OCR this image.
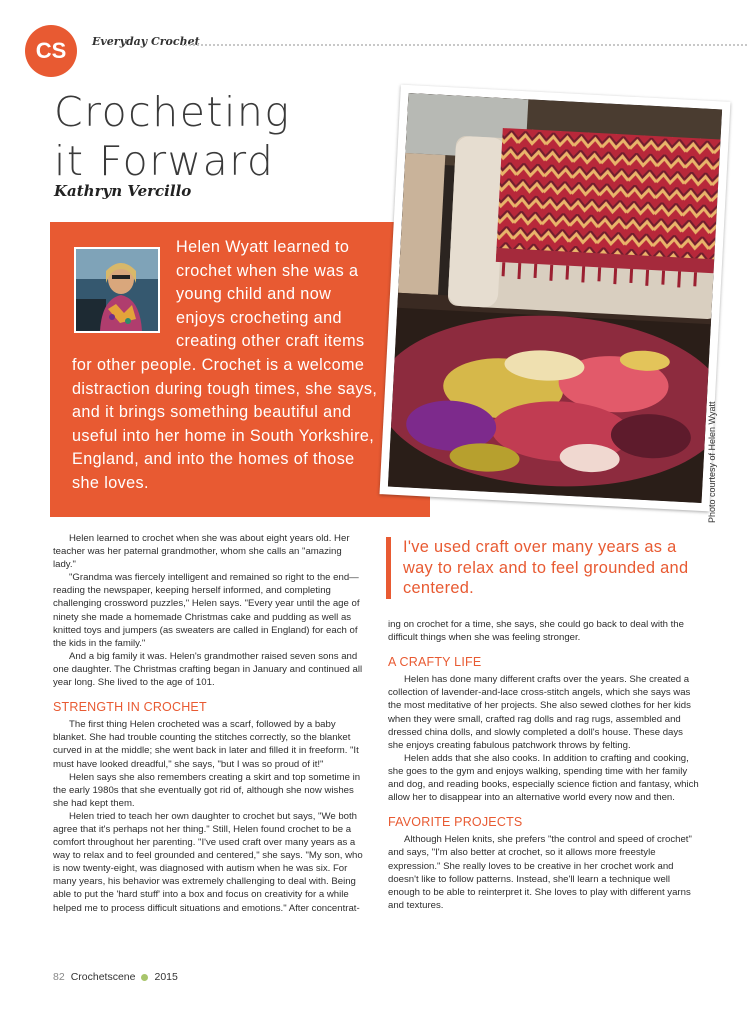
CS	Everyday Crochet
Crocheting
it Forward
Kathryn Vercillo
Helen Wyatt learned to crochet when she was a young child and now enjoys crocheting and creating other craft items for other people. Crochet is a welcome distraction during tough times, she says, and it brings something beautiful and useful into her home in South Yorkshire, England, and into the homes of those she loves.	Photo courtesy of Helen Wyatt

Helen learned to crochet when she was about eight years old. Her teacher was her paternal grandmother, whom she calls an "amazing lady."

"Grandma was fiercely intelligent and remained so right to the end—reading the newspaper, keeping herself informed, and completing challenging crossword puzzles," Helen says. "Every year until the age of ninety she made a homemade Christmas cake and pudding as well as knitted toys and jumpers (as sweaters are called in England) for each of the kids in the family."

And a big family it was. Helen's grandmother raised seven sons and one daughter. The Christmas crafting began in January and continued all year long. She lived to the age of 101.

STRENGTH IN CROCHET

The first thing Helen crocheted was a scarf, followed by a baby blanket. She had trouble counting the stitches correctly, so the blanket curved in at the middle; she went back in later and filled it in freeform. "It must have looked dreadful," she says, "but I was so proud of it!"

Helen says she also remembers creating a skirt and top sometime in the early 1980s that she eventually got rid of, although she now wishes she had kept them.

Helen tried to teach her own daughter to crochet but says, "We both agree that it's perhaps not her thing." Still, Helen found crochet to be a comfort throughout her parenting. "I've used craft over many years as a way to relax and to feel grounded and centered," she says. "My son, who is now twenty-eight, was diagnosed with autism when he was six. For many years, his behavior was extremely challenging to deal with. Being able to put the 'hard stuff' into a box and focus on creativity for a while helped me to process difficult situations and emotions." After concentrat-

I've used craft over many years as a way to relax and to feel grounded and centered.

ing on crochet for a time, she says, she could go back to deal with the difficult things when she was feeling stronger.

A CRAFTY LIFE

Helen has done many different crafts over the years. She created a collection of lavender-and-lace cross-stitch angels, which she says was the most meditative of her projects. She also sewed clothes for her kids when they were small, crafted rag dolls and rag rugs, assembled and dressed china dolls, and slowly completed a doll's house. These days she enjoys creating fabulous patchwork throws by felting.

Helen adds that she also cooks. In addition to crafting and cooking, she goes to the gym and enjoys walking, spending time with her family and dog, and reading books, especially science fiction and fantasy, which allow her to disappear into an alternative world every now and then.

FAVORITE PROJECTS

Although Helen knits, she prefers "the control and speed of crochet" and says, "I'm also better at crochet, so it allows more freestyle expression." She really loves to be creative in her crochet work and doesn't like to follow patterns. Instead, she'll learn a technique well enough to be able to reinterpret it. She loves to play with different yarns and textures.

82 Crochetscene 2015
